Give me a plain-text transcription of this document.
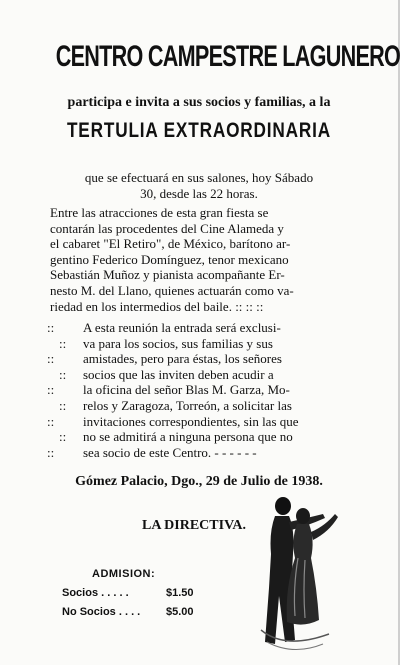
CENTRO CAMPESTRE LAGUNERO
participa e invita a sus socios y familias, a la
TERTULIA EXTRAORDINARIA
que se efectuará en sus salones, hoy Sábado
30, desde las 22 horas.
Entre las atracciones de esta gran fiesta se
contarán las procedentes del Cine Alameda y
el cabaret "El Retiro", de México, barítono ar-
gentino Federico Domínguez, tenor mexicano
Sebastián Muñoz y pianista acompañante Er-
nesto M. del Llano, quienes actuarán como va-
riedad en los intermedios del baile. :: :: ::
::	A esta reunión la entrada será exclusi-
::	va para los socios, sus familias y sus
::	amistades, pero para éstas, los señores
::	socios que las inviten deben acudir a
::	la oficina del señor Blas M. Garza, Mo-
::	relos y Zaragoza, Torreón, a solicitar las
::	invitaciones correspondientes, sin las que
::	no se admitirá a ninguna persona que no
::	sea socio de este Centro. - - - - - -
Gómez Palacio, Dgo., 29 de Julio de 1938.
LA DIRECTIVA.
ADMISION:
Socios . . . . .	$1.50
No Socios . . . . $5.00
